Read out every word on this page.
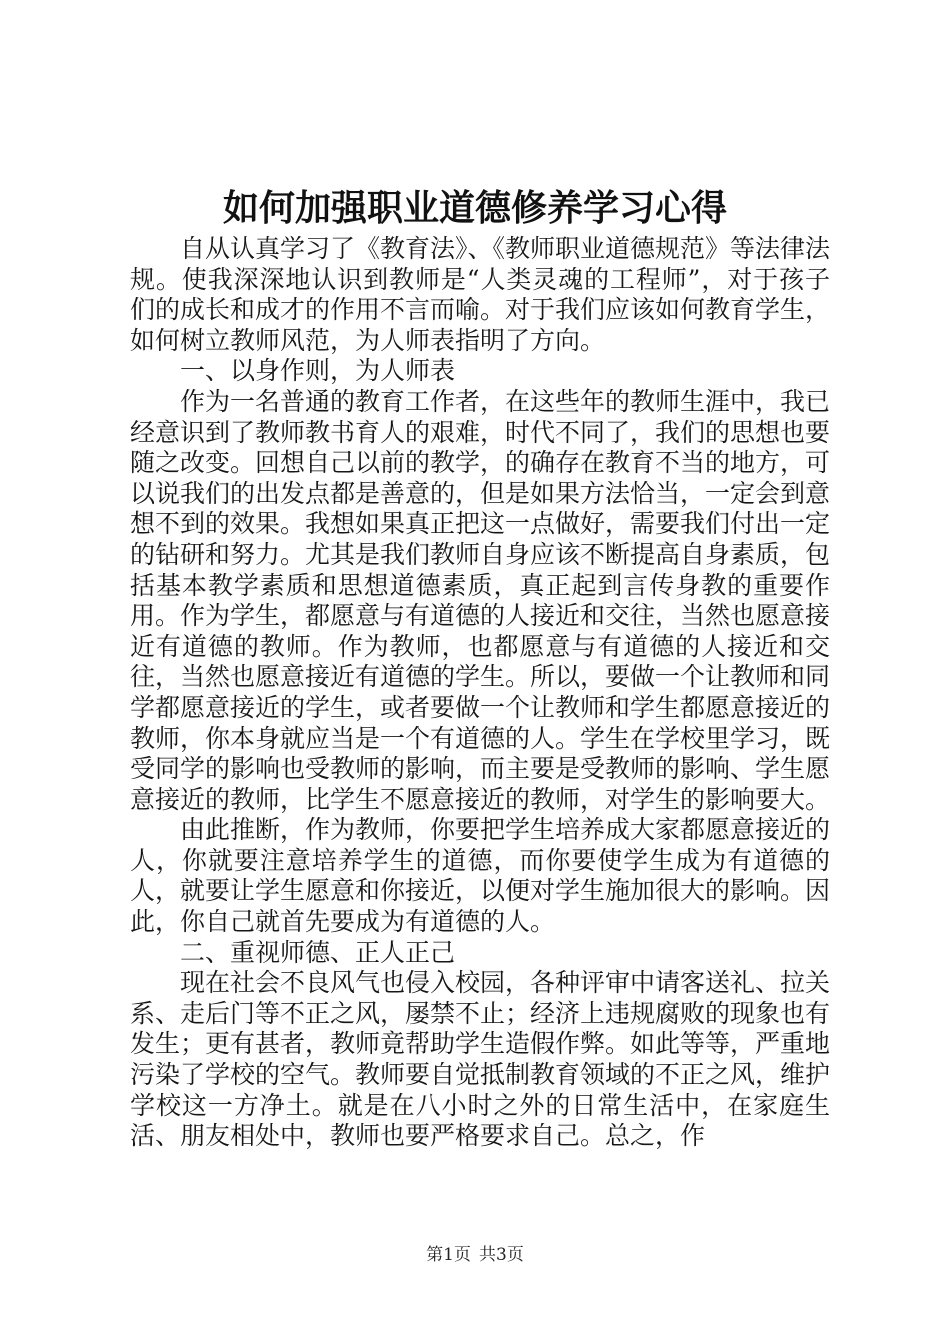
如何加强职业道德修养学习心得

自从认真学习了《教育法》、《教师职业道德规范》等法律法规。使我深深地认识到教师是“人类灵魂的工程师”，对于孩子们的成长和成才的作用不言而喻。对于我们应该如何教育学生，如何树立教师风范，为人师表指明了方向。

一、以身作则，为人师表

作为一名普通的教育工作者，在这些年的教师生涯中，我已经意识到了教师教书育人的艰难，时代不同了，我们的思想也要随之改变。回想自己以前的教学，的确存在教育不当的地方，可以说我们的出发点都是善意的，但是如果方法恰当，一定会到意想不到的效果。我想如果真正把这一点做好，需要我们付出一定的钻研和努力。尤其是我们教师自身应该不断提高自身素质，包括基本教学素质和思想道德素质，真正起到言传身教的重要作用。作为学生，都愿意与有道德的人接近和交往，当然也愿意接近有道德的教师。作为教师，也都愿意与有道德的人接近和交往，当然也愿意接近有道德的学生。所以，要做一个让教师和同学都愿意接近的学生，或者要做一个让教师和学生都愿意接近的教师，你本身就应当是一个有道德的人。学生在学校里学习，既受同学的影响也受教师的影响，而主要是受教师的影响、学生愿意接近的教师，比学生不愿意接近的教师，对学生的影响要大。

由此推断，作为教师，你要把学生培养成大家都愿意接近的人，你就要注意培养学生的道德，而你要使学生成为有道德的人，就要让学生愿意和你接近，以便对学生施加很大的影响。因此，你自己就首先要成为有道德的人。

二、重视师德、正人正己

现在社会不良风气也侵入校园，各种评审中请客送礼、拉关系、走后门等不正之风，屡禁不止；经济上违规腐败的现象也有发生；更有甚者，教师竟帮助学生造假作弊。如此等等，严重地污染了学校的空气。教师要自觉抵制教育领域的不正之风，维护学校这一方净土。就是在八小时之外的日常生活中，在家庭生活、朋友相处中，教师也要严格要求自己。总之，作

第1页 共3页
